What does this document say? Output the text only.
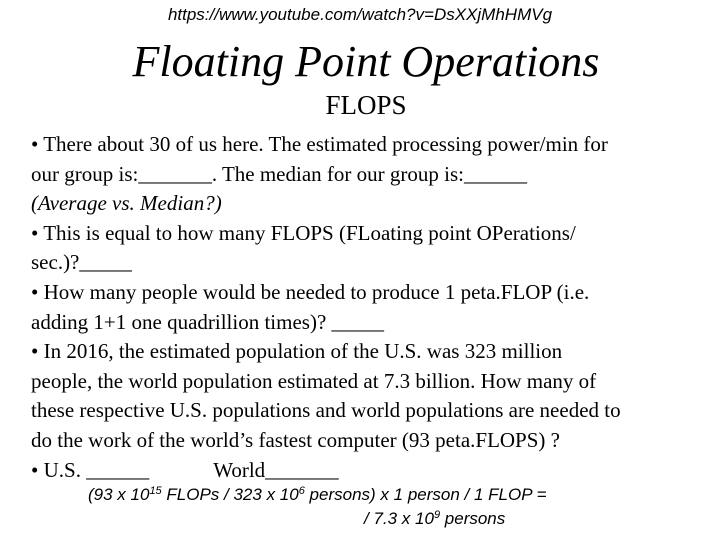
https://www.youtube.com/watch?v=DsXXjMhHMVg
Floating Point Operations
FLOPS
• There about 30 of us here. The estimated processing power/min for
our group is:_______. The median for our group is:______
(Average vs. Median?)
• This is equal to how many FLOPS (FLoating point OPerations/
sec.)?_____
• How many people would be needed to produce 1 peta.FLOP (i.e.
adding 1+1 one quadrillion times)? _____
• In 2016, the estimated population of the U.S. was 323 million
people, the world population estimated at 7.3 billion. How many of
these respective U.S. populations and world populations are needed to
do the work of the world’s fastest computer (93 peta.FLOPS) ?
• U.S. ______	World_______
(93 x $10^{15}$ FLOPs / 323 x $10^6$ persons) x 1 person / 1 FLOP =
/ 7.3 x $10^9$ persons
